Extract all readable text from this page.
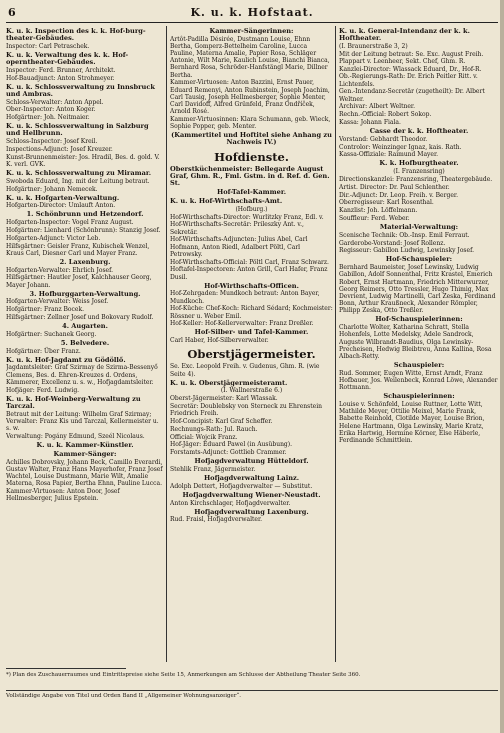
6	K. u. k. Hofstaat.
K. u. k. Inspection des k. k. Hof-burg-theater-Gebäudes.
Inspector: Carl Petraschek.
K. u. k. Verwaltung des k. k. Hof-operntheater-Gebäudes.
Inspector: Ferd. Brunner, Architekt.
Hof-Bauadjunct: Anton Strohmeyer.
K. u. k. Schlossverwaltung zu Innsbruck und Ambras.
Schloss-Verwalter: Anton Appel.
Ober-Inspector: Anton Koger.
Hofgärtner: Joh. Neitmaier.
K. u. k. Schlossverwaltung in Salzburg und Hellbrunn.
Schloss-Inspector: Josef Kreil.
Inspections-Adjunct: Josef Kreuzer.
Kunst-Brunnenmeister: Jos. Hradil, Bes. d. gold. V. K. verl. GVK.
K. u. k. Schlossverwaltung zu Miramar.
Swoboda Eduard, Ing. mit der Leitung betraut.
Hofgärtner: Johann Nemecek.
K. u. k. Hofgarten-Verwaltung.
Hofgarten-Director: Umlauft Anton.
1. Schönbrunn und Hetzendorf.
Hofgarten-Inspector: Vogel Franz August.
Hofgärtner: Lienhard (Schönbrunn): Stanzig Josef.
Hofgarten-Adjunct: Victor Leb.
Hilfsgärtner: Geisler Franz, Kubischek Wenzel, Kraus Carl, Diesner Carl und Mayer Franz.
2. Laxenburg.
Hofgarten-Verwalter: Ehrlich Josef.
Hilfsgärtner: Hautler Josef, Kalchhauser Georg, Mayer Johann.
3. Hofburggarten-Verwaltung.
Hofgarten-Verwalter: Weiss Josef.
Hofgärtner: Franz Bocek.
Hilfsgärtner: Zellner Josef und Bokovary Rudolf.
4. Augarten.
Hofgärtner: Suchanek Georg.
5. Belvedere.
Hofgärtner: Über Franz.
K. u. k. Hof-Jagdamt zu Gödöllő.
Jagdamtsleiter: Graf Szirmay de Szirma-Bessenyő Clemens, Bes. d. Ehren-Kreuzes d. Ordens, Kämmerer, Excellenz u. s. w., Hofjagdamtsleiter.
Hofjäger: Ferd. Ludwig.
K. u. k. Hof-Weinberg-Verwaltung zu Tarczal.
Betraut mit der Leitung: Wilhelm Graf Szirmay; Verwalter: Franz Kis und Tarczal, Kellermeister u. s. w.
Verwaltung: Pogány Edmund, Szeél Nicolaus.
K. u. k. Kammer-Künstler.
Kammer-Sänger:
Achilles Dobrovsky, Johann Beck, Camillo Everardi, Gustav Walter, Franz Hans Mayerhofer, Franz Josef Wachtel, Louise Dustmann, Marie Wilt, Amalie Materna, Rosa Papier, Bertha Ehnn, Pauline Lucca.
Kammer-Virtuosen: Anton Door, Josef Hellmesberger, Julius Epstein.
Kammer-Sängerinnen:
Artôt-Padilla Désirée, Dustmann Louise, Ehnn Bertha, Gomperz-Bettelheim Caroline, Lucca Pauline, Materna Amalie, Papier Rosa, Schläger Antonie, Wilt Marie, Kaulich Louise, Bianchi Bianca, Bernhard Rosa, Schröder-Hanfstängl Marie, Dillner Bertha.
Kammer-Virtuosen: Anton Bazzini, Ernst Pauer, Eduard Remenyi, Anton Rubinstein, Joseph Joachim, Carl Tausig, Joseph Hellmesberger, Sophie Menter, Carl Davidoff, Alfred Grünfeld, Franz Ondříček, Arnold Rosé.
Kammer-Virtuosinnen: Klara Schumann, geb. Wieck, Sophie Popper, geb. Menter.
(Kammertitel und Hoftitel siehe Anhang zu Nachweis IV.)
Hofdienste.
Oberstküchenmeister: Bellegarde August Graf, Ghm. R., Fml. Gstm. in d. Ref. d. Gen. St.
Hof-Tafel-Kammer.
K. u. k. Hof-Wirthschafts-Amt.
(Hofburg.)
Hof-Wirthschafts-Director: Wurlitzky Franz, Edl. v.
Hof-Wirthschafts-Secretär: Prileszky Ant. v., Sekretär.
Hof-Wirthschafts-Adjuncten: Julius Abel, Carl Hofmann, Anton Riedl, Adalbert Pöltl, Carl Petrowsky.
Hof-Wirthschafts-Official: Pöltl Carl, Franz Schwarz.
Hoftafel-Inspectoren: Anton Grill, Carl Hafer, Franz Dusil.
Hof-Wirthschafts-Officen.
Hof-Zehrgaden: Mundkoch betraut: Anton Bayer, Mundkoch.
Hof-Küche: Chef-Koch: Richard Sédard; Kochmeister: Rössner u. Weber Emil.
Hof-Keller: Hof-Kellerverwalter: Franz Dreßler.
Hof-Silber- und Tafel-Kammer.
Carl Haber, Hof-Silberverwalter.
Oberstjägermeister.
Se. Exc. Leopold Freih. v. Gudenus, Ghm. R. (wie Seite 4).
K. u. k. Oberstjägermeisteramt.
(I. Wallnerstraße 6.)
Oberst-Jägermeister: Karl Wlassak.
Secretär: Doublebsky von Sterneck zu Ehrenstein Friedrich Freih.
Hof-Concipist: Karl Graf Scheffer.
Rechnungs-Rath: Jul. Rauch.
Official: Wojcik Franz.
Hof-Jäger: Eduard Pawel (in Ausübung).
Forstamts-Adjunct: Gottlieb Crammer.
Hofjagdverwaltung Hütteldorf.
Stehlik Franz, Jägermeister.
Hofjagdverwaltung Lainz.
Adolph Dettert, Hofjagdverwalter — Substitut.
Hofjagdverwaltung Wiener-Neustadt.
Anton Kirchschlager, Hofjagdverwalter.
Hofjagdverwaltung Laxenburg.
Rud. Fraisl, Hofjagdverwalter.
K. u. k. General-Intendanz der k. k. Hoftheater.
(I. Braunerstraße 3, 2)
Mit der Leitung betraut: Se. Exc. August Freih. Plappart v. Leenheer, Sekt. Chef, Ghm. R.
Kanzlei-Director: Wlassack Eduard, Dr., Hof-R.
Ob.-Regierungs-Rath: Dr. Erich Peitler Ritt. v. Lichtenfels.
Gen.-Intendanz-Secretär (zugetheilt): Dr. Albert Weltner.
Archivar: Albert Weltner.
Rechn.-Official: Robert Sokop.
Kassa: Johann Fiala.
Casse der k. k. Hoftheater.
Vorstand: Gebhardt Theodor.
Controlor: Weinzinger Ignaz, kais. Rath.
Kassa-Offiziale: Raimund Mayer.
K. k. Hofburgtheater.
(I. Franzensring)
Directionskanzlei: Franzensring, Theatergebäude.
Artist. Director: Dr. Paul Schlenther.
Dir.-Adjunct: Dr. Leop. Freih. v. Berger.
Oberregisseur: Karl Rosenthal.
Kanzlist: Joh. Löffelmann.
Souffleur: Ferd. Weber.
Material-Verwaltung:
Scenische Technik: Ob.-Insp. Emil Ferraut.
Garderobe-Vorstand: Josef Rollenz.
Regisseur: Gabillon Ludwig, Lewinsky Josef.
Hof-Schauspieler:
Bernhard Baumeister, Josef Lewinsky, Ludwig Gabillon, Adolf Sonnenthal, Fritz Krastel, Emerich Robert, Ernst Hartmann, Friedrich Mitterwurzer, Georg Reimers, Otto Tressler, Hugo Thimig, Max Devrient, Ludwig Martinelli, Carl Zeska, Ferdinand Bonn, Arthur Kraußneck, Alexander Römpler, Philipp Zeska, Otto Treßler.
Hof-Schauspielerinnen:
Charlotte Wolter, Katharina Schratt, Stella Hohenfels, Lotte Medelsky, Adele Sandrock, Auguste Wilbrandt-Baudius, Olga Lewinsky-Precheisen, Hedwig Bleibtreu, Anna Kallina, Rosa Albach-Retty.
Schauspieler:
Rud. Sommer, Eugen Witte, Ernst Arndt, Franz Hofbauer, Jos. Weilenbeck, Konrad Löwe, Alexander Rottmann.
Schauspielerinnen:
Louise v. Schönfeld, Louise Ruttner, Lotte Witt, Mathilde Meyer, Ottilie Meixel, Marie Frank, Babette Reinhold, Clotilde Mayer, Louise Brion, Helene Hartmann, Olga Lewinsky, Marie Kratz, Erika Hartwig, Hermine Körner, Else Häberle, Ferdinande Schmittlein.
*) Plan des Zuschauerraumes und Eintrittspreise siehe Seite 15, Anmerkungen am Schlusse der Abtheilung Theater Seite 360.
Vollständige Angabe von Titel und Orden Band II „Allgemeiner Wohnungsanzeiger“.
